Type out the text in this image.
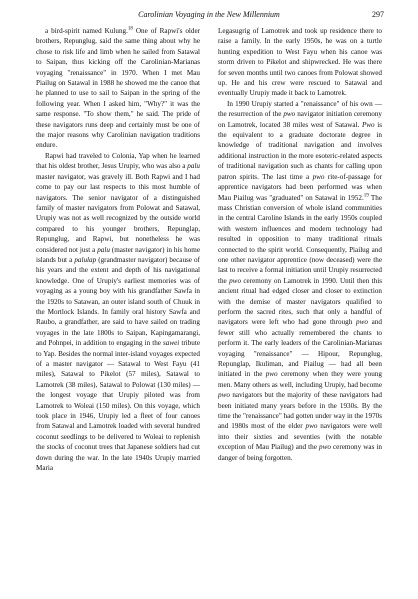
Carolinian Voyaging in the New Millennium	297

a bird-spirit named Kulung.$^{18}$ One of Rapwi's older brothers, Repunglug, said the same thing about why he chose to risk life and limb when he sailed from Satawal to Saipan, thus kicking off the Carolinian-Marianas voyaging "renaissance" in 1970. When I met Mau Piailug on Satawal in 1988 he showed me the canoe that he planned to use to sail to Saipan in the spring of the following year. When I asked him, "Why?" it was the same response. "To show them," he said. The pride of these navigators runs deep and certainly must be one of the major reasons why Carolinian navigation traditions endure.

Rapwi had traveled to Colonia, Yap when he learned that his oldest brother, Jesus Urupiy, who was also a palu master navigator, was gravely ill. Both Rapwi and I had come to pay our last respects to this most humble of navigators. The senior navigator of a distinguished family of master navigators from Polowat and Satawal, Urupiy was not as well recognized by the outside world compared to his younger brothers, Repunglap, Repunglug, and Rapwi, but nonetheless he was considered not just a palu (master navigator) in his home islands but a palulap (grandmaster navigator) because of his years and the extent and depth of his navigational knowledge. One of Urupiy's earliest memories was of voyaging as a young boy with his grandfather Sawfa in the 1920s to Satawan, an outer island south of Chuuk in the Mortlock Islands. In family oral history Sawfa and Raubo, a grandfather, are said to have sailed on trading voyages in the late 1800s to Saipan, Kapingamarangi, and Pohnpei, in addition to engaging in the sawei tribute to Yap. Besides the normal inter-island voyages expected of a master navigator — Satawal to West Fayu (41 miles), Satawal to Pikelot (57 miles), Satawal to Lamotrek (38 miles), Satawal to Polowat (130 miles) — the longest voyage that Urupiy piloted was from Lamotrek to Woleai (150 miles). On this voyage, which took place in 1946, Urupiy led a fleet of four canoes from Satawal and Lamotrek loaded with several hundred coconut seedlings to be delivered to Woleai to replenish the stocks of coconut trees that Japanese soldiers had cut down during the war. In the late 1940s Urupiy married Maria

Legasugrig of Lamotrek and took up residence there to raise a family. In the early 1950s, he was on a turtle hunting expedition to West Fayu when his canoe was storm driven to Pikelot and shipwrecked. He was there for seven months until two canoes from Polowat showed up. He and his crew were rescued to Satawal and eventually Urupiy made it back to Lamotrek.

In 1990 Urupiy started a "renaissance" of his own — the resurrection of the pwo navigator initiation ceremony on Lamotrek, located 38 miles west of Satawal. Pwo is the equivalent to a graduate doctorate degree in knowledge of traditional navigation and involves additional instruction in the more esoteric-related aspects of traditional navigation such as chants for calling upon patron spirits. The last time a pwo rite-of-passage for apprentice navigators had been performed was when Mau Piailug was "graduated" on Satawal in 1952.19 The mass Christian conversion of whole island communities in the central Caroline Islands in the early 1950s coupled with western influences and modern technology had resulted in opposition to many traditional rituals connected to the spirit world. Consequently, Piailug and one other navigator apprentice (now deceased) were the last to receive a formal initiation until Urupiy resurrected the pwo ceremony on Lamotrek in 1990. Until then this ancient ritual had edged closer and closer to extinction with the demise of master navigators qualified to perform the sacred rites, such that only a handful of navigators were left who had gone through pwo and fewer still who actually remembered the chants to perform it. The early leaders of the Carolinian-Marianas voyaging "renaissance" — Hipour, Repunglug, Repunglap, Ikuliman, and Piailug — had all been initiated in the pwo ceremony when they were young men. Many others as well, including Urupiy, had become pwo navigators but the majority of these navigators had been initiated many years before in the 1930s. By the time the "renaissance" had gotten under way in the 1970s and 1980s most of the elder pwo navigators were well into their sixties and seventies (with the notable exception of Mau Piailug) and the pwo ceremony was in danger of being forgotten.
